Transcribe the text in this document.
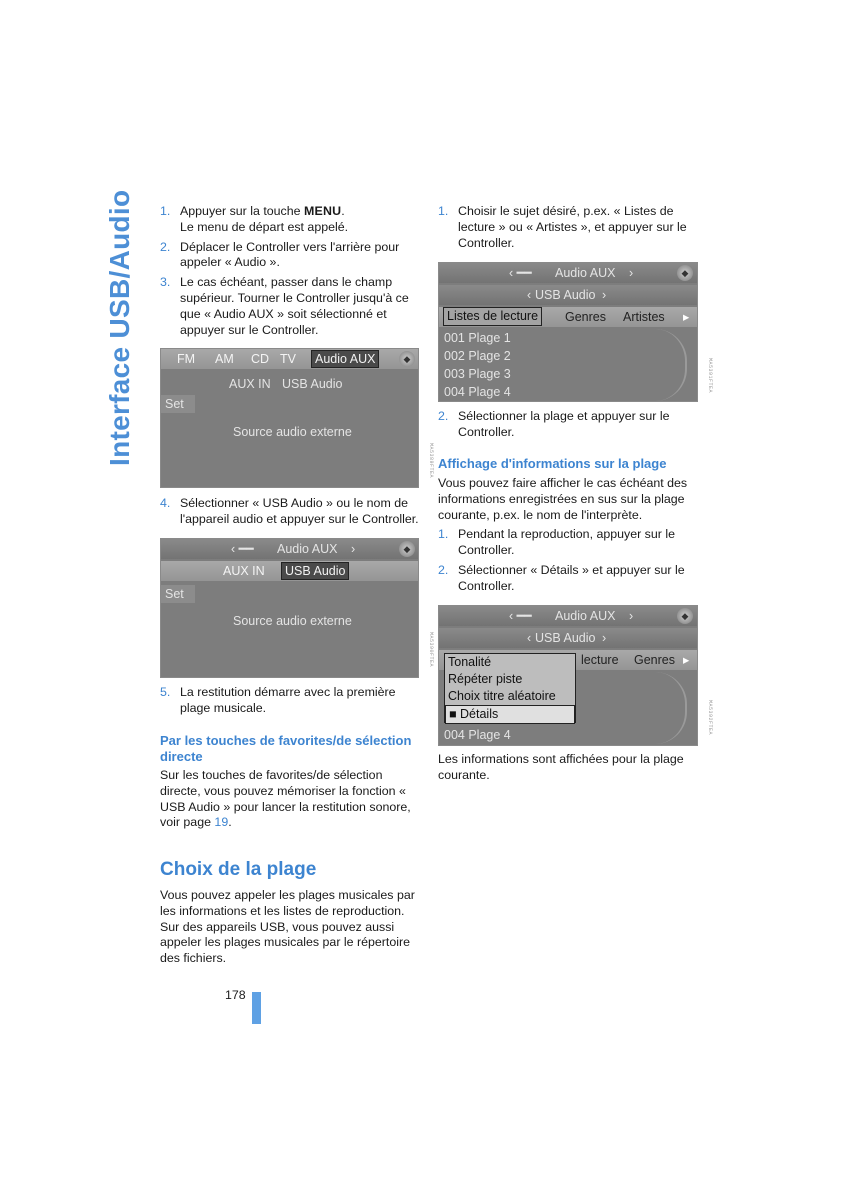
Interface USB/Audio	1. Appuyer sur la touche MENU.
Le menu de départ est appelé.
2. Déplacer le Controller vers l'arrière pour appeler « Audio ».
3. Le cas échéant, passer dans le champ supérieur. Tourner le Controller jusqu'à ce que « Audio AUX » soit sélectionné et appuyer sur le Controller.
FM AM CD TV	Audio AUX	◆
AUX IN USB Audio
Set
Source audio externe
MA5389FTEA
4. Sélectionner « USB Audio » ou le nom de l'appareil audio et appuyer sur le Controller.
‹ ━━ Audio AUX ›	◆
AUX IN	USB Audio
Set
Source audio externe
MA5390FTEA
5. La restitution démarre avec la première plage musicale.
Par les touches de favorites/de sélection directe

Sur les touches de favorites/de sélection directe, vous pouvez mémoriser la fonction « USB Audio » pour lancer la restitution sonore, voir page 19.

Choix de la plage

Vous pouvez appeler les plages musicales par les informations et les listes de reproduction. Sur des appareils USB, vous pouvez aussi appeler les plages musicales par le répertoire des fichiers.

178
1. Choisir le sujet désiré, p.ex. « Listes de lecture » ou « Artistes », et appuyer sur le Controller.
‹ ━━ Audio AUX ›	◆
‹ USB Audio ›
Listes de lecture	Genres Artistes ▸
001 Plage 1
002 Plage 2
003 Plage 3
004 Plage 4	MA5391FTEA
2. Sélectionner la plage et appuyer sur le Controller.
Affichage d'informations sur la plage

Vous pouvez faire afficher le cas échéant des informations enregistrées en sus sur la plage courante, p.ex. le nom de l'interprète.

1. Pendant la reproduction, appuyer sur le Controller.
2. Sélectionner « Détails » et appuyer sur le Controller.
‹ ━━ Audio AUX ›	◆
‹ USB Audio ›
lecture Genres ▸
Tonalité
Répéter piste
Choix titre aléatoire
■ Détails
004 Plage 4	MA5392FTEA

Les informations sont affichées pour la plage courante.
